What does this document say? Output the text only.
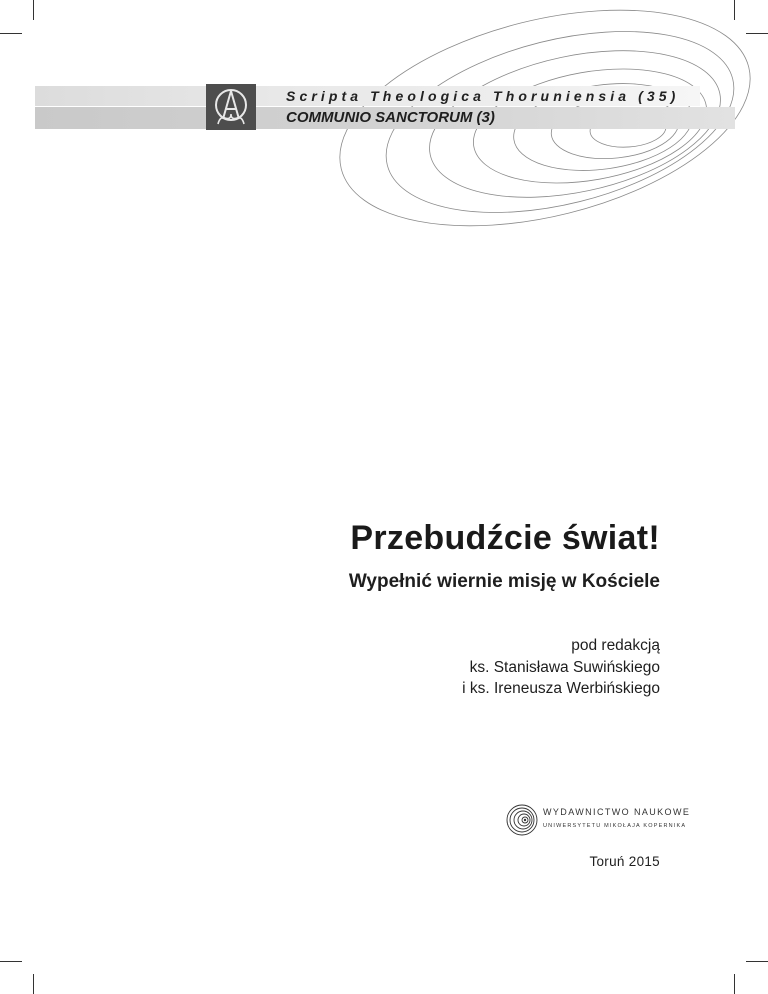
Scripta Theologica Thoruniensia (35)
COMMUNIO SANCTORUM (3)
Przebudźcie świat!
Wypełnić wiernie misję w Kościele
pod redakcją
ks. Stanisława Suwińskiego
i ks. Ireneusza Werbińskiego
WYDAWNICTWO NAUKOWE
UNIWERSYTETU MIKOŁAJA KOPERNIKA
Toruń 2015
